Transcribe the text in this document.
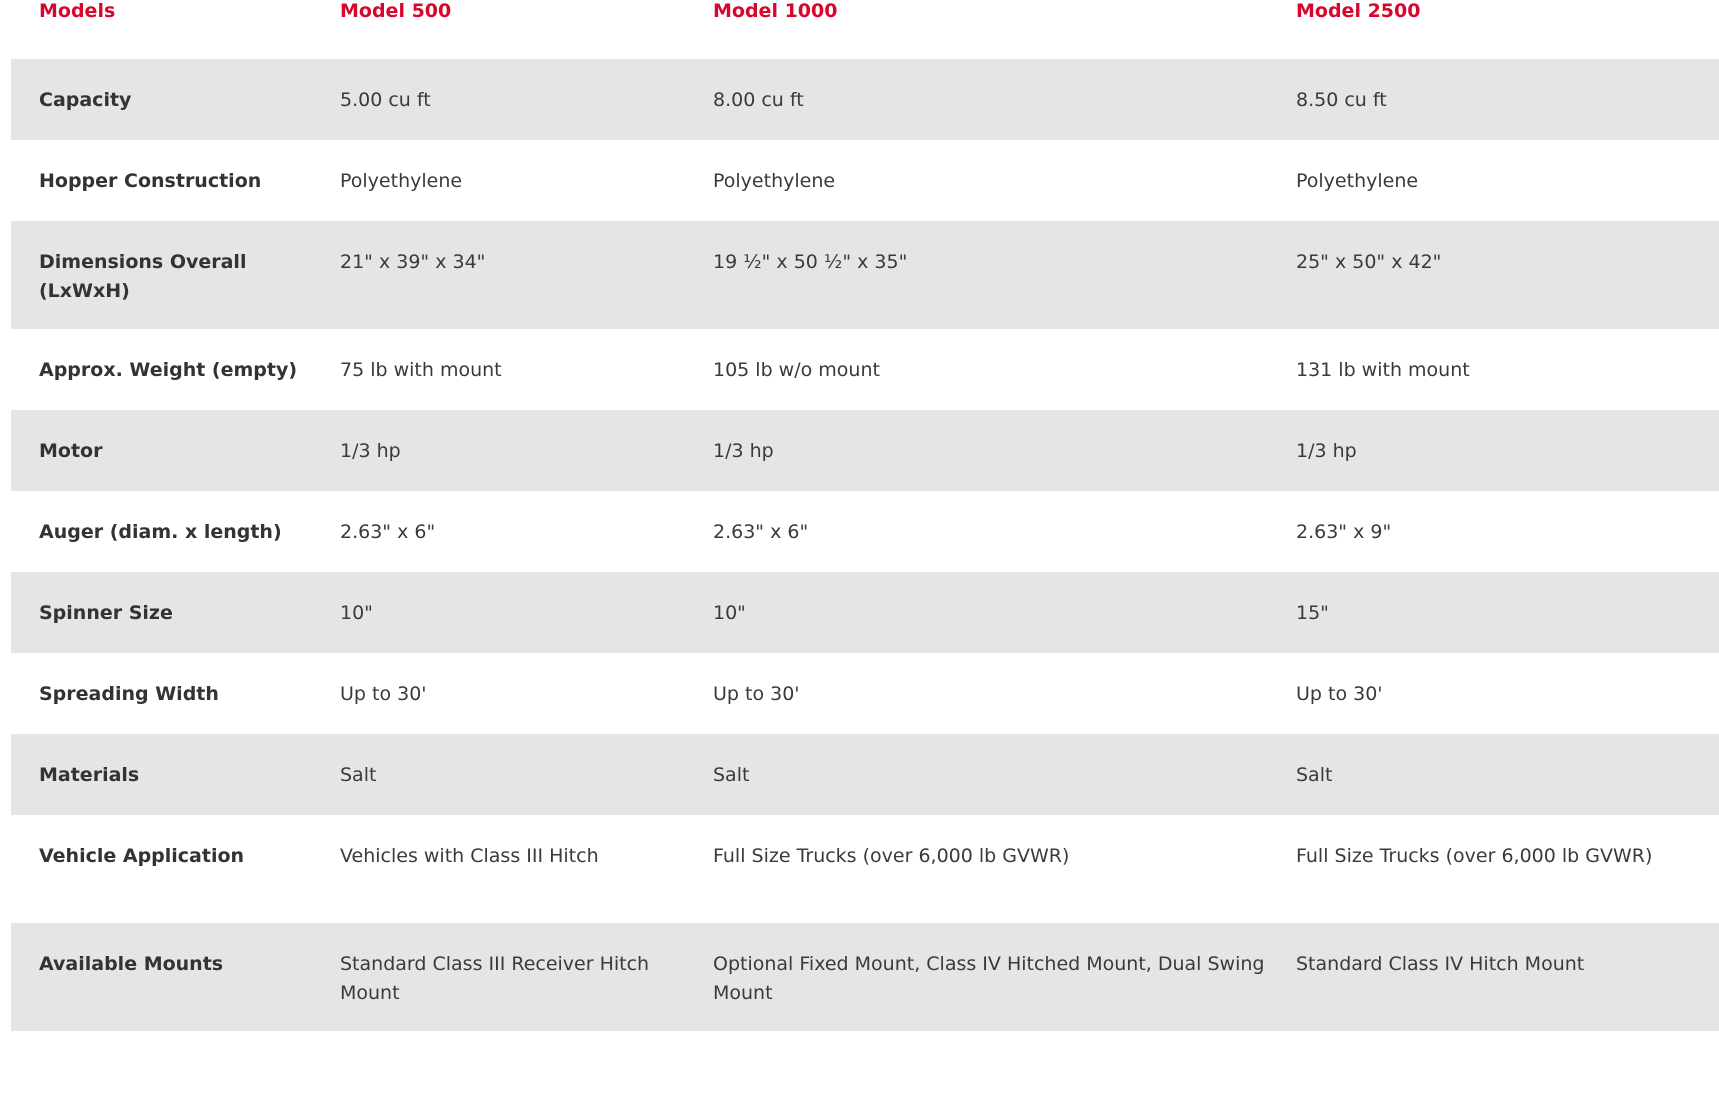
Models	Model 500	Model 1000	Model 2500
Capacity	5.00 cu ft	8.00 cu ft	8.50 cu ft
Hopper Construction	Polyethylene	Polyethylene	Polyethylene
Dimensions Overall (LxWxH)	21" x 39" x 34"	19 ½" x 50 ½" x 35"	25" x 50" x 42"
Approx. Weight (empty)	75 lb with mount	105 lb w/o mount	131 lb with mount
Motor	1/3 hp	1/3 hp	1/3 hp
Auger (diam. x length)	2.63" x 6"	2.63" x 6"	2.63" x 9"
Spinner Size	10"	10"	15"
Spreading Width	Up to 30'	Up to 30'	Up to 30'
Materials	Salt	Salt	Salt
Vehicle Application	Vehicles with Class III Hitch	Full Size Trucks (over 6,000 lb GVWR)	Full Size Trucks (over 6,000 lb GVWR)
Available Mounts	Standard Class III Receiver Hitch Mount	Optional Fixed Mount, Class IV Hitched Mount, Dual Swing Mount	Standard Class IV Hitch Mount
